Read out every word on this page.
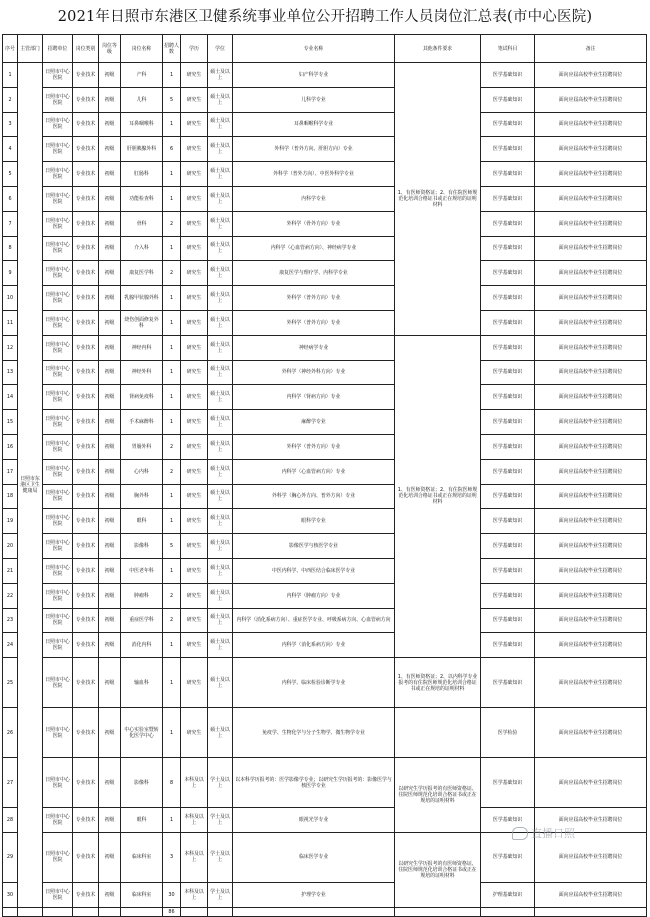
2021年日照市东港区卫健系统事业单位公开招聘工作人员岗位汇总表(市中心医院)
序号	主管部门	招聘单位	岗位类别	岗位等级	岗位名称	招聘人数	学历	学位	专业名称	其他条件要求	笔试科目	备注
1	日照市东港区卫生健康局	日照市中心医院	专业技术	初级	产科	1	研究生	硕士及以上	妇产科学专业	1、有医师资格证；2、有住院医师规范化培训合格证书或正在规培的证明材料	医学基础知识	面向应届高校毕业生招聘岗位
2		日照市中心医院	专业技术	初级	儿科	5	研究生	硕士及以上	儿科学专业		医学基础知识	面向应届高校毕业生招聘岗位
3		日照市中心医院	专业技术	初级	耳鼻咽喉科	1	研究生	硕士及以上	耳鼻咽喉科学专业		医学基础知识	面向应届高校毕业生招聘岗位
4		日照市中心医院	专业技术	初级	肝胆胰腺外科	6	研究生	硕士及以上	外科学（普外方向、肝胆方向）专业		医学基础知识	面向应届高校毕业生招聘岗位
5		日照市中心医院	专业技术	初级	肛肠科	1	研究生	硕士及以上	外科学（普外方向）、中医外科学专业		医学基础知识	面向应届高校毕业生招聘岗位
6		日照市中心医院	专业技术	初级	功能检查科	1	研究生	硕士及以上	内科学专业		医学基础知识	面向应届高校毕业生招聘岗位
7		日照市中心医院	专业技术	初级	骨科	2	研究生	硕士及以上	外科学（骨外方向）专业		医学基础知识	面向应届高校毕业生招聘岗位
8		日照市中心医院	专业技术	初级	介入科	1	研究生	硕士及以上	内科学（心血管病方向）、神经病学专业		医学基础知识	面向应届高校毕业生招聘岗位
9		日照市中心医院	专业技术	初级	康复医学科	2	研究生	硕士及以上	康复医学与理疗学、内科学专业		医学基础知识	面向应届高校毕业生招聘岗位
10		日照市中心医院	专业技术	初级	乳腺甲状腺外科	1	研究生	硕士及以上	外科学（普外方向）专业		医学基础知识	面向应届高校毕业生招聘岗位
11		日照市中心医院	专业技术	初级	烧伤创面修复外科	1	研究生	硕士及以上	外科学（普外方向）专业		医学基础知识	面向应届高校毕业生招聘岗位
12		日照市中心医院	专业技术	初级	神经内科	1	研究生	硕士及以上	神经病学专业	1、有医师资格证；2、有住院医师规范化培训合格证书或正在规培的证明材料	医学基础知识	面向应届高校毕业生招聘岗位
13		日照市中心医院	专业技术	初级	神经外科	1	研究生	硕士及以上	外科学（神经外科方向）专业		医学基础知识	面向应届高校毕业生招聘岗位
14		日照市中心医院	专业技术	初级	肾病免疫科	1	研究生	硕士及以上	内科学（肾病方向）专业		医学基础知识	面向应届高校毕业生招聘岗位
15		日照市中心医院	专业技术	初级	手术麻醉科	1	研究生	硕士及以上	麻醉学专业		医学基础知识	面向应届高校毕业生招聘岗位
16		日照市中心医院	专业技术	初级	胃肠外科	2	研究生	硕士及以上	外科学（普外方向）专业		医学基础知识	面向应届高校毕业生招聘岗位
17		日照市中心医院	专业技术	初级	心内科	2	研究生	硕士及以上	内科学（心血管病方向）专业		医学基础知识	面向应届高校毕业生招聘岗位
18		日照市中心医院	专业技术	初级	胸外科	1	研究生	硕士及以上	外科学（胸心外方向、普外方向）专业		医学基础知识	面向应届高校毕业生招聘岗位
19		日照市中心医院	专业技术	初级	眼科	1	研究生	硕士及以上	眼科学专业		医学基础知识	面向应届高校毕业生招聘岗位
20		日照市中心医院	专业技术	初级	影像科	5	研究生	硕士及以上	影像医学与核医学专业		医学基础知识	面向应届高校毕业生招聘岗位
21		日照市中心医院	专业技术	初级	中医老年科	1	研究生	硕士及以上	中医内科学、中西医结合临床医学专业		医学基础知识	面向应届高校毕业生招聘岗位
22		日照市中心医院	专业技术	初级	肿瘤科	2	研究生	硕士及以上	内科学（肿瘤方向）专业		医学基础知识	面向应届高校毕业生招聘岗位
23		日照市中心医院	专业技术	初级	重症医学科	2	研究生	硕士及以上	内科学（消化系病方向）、重症医学专业、呼吸系病方向、心血管病方向		医学基础知识	面向应届高校毕业生招聘岗位
24		日照市中心医院	专业技术	初级	消化内科	1	研究生	硕士及以上	内科学（消化系病方向）专业		医学基础知识	面向应届高校毕业生招聘岗位
25		日照市中心医院	专业技术	初级	输血科	1	研究生	硕士及以上	内科学、临床检验诊断学专业	1、有医师资格证；2、以内科学专业报考的有住院医师规范化培训合格证书或正在规培的证明材料	医学基础知识	面向应届高校毕业生招聘岗位
26		日照市中心医院	专业技术	初级	中心实验室暨转化医学中心	1	研究生	硕士及以上	免疫学、生物化学与分子生物学、微生物学专业		医学检验	面向应届高校毕业生招聘岗位
27		日照市中心医院	专业技术	初级	影像科	8	本科及以上	学士及以上	以本科学历报考的：医学影像学专业；以研究生学历报考的：影像医学与核医学专业	以研究生学历报考的有医师资格证、住院医师规范化培训合格证书或正在规培的证明材料	医学基础知识	面向应届高校毕业生招聘岗位
28		日照市中心医院	专业技术	初级	眼科	1	本科及以上	学士及以上	眼视光学专业		医学基础知识	面向应届高校毕业生招聘岗位
29		日照市中心医院	专业技术	初级	临床科室	3	本科及以上	学士及以上	临床医学专业	以研究生学历报考的有医师资格证、住院医师规范化培训合格证书或正在规培的证明材料	医学基础知识	面向应届高校毕业生招聘岗位
30		日照市中心医院	专业技术	初级	临床科室	30	本科及以上	学士及以上	护理学专业		护理基础知识	面向应届高校毕业生招聘岗位
						86						
直播日照
